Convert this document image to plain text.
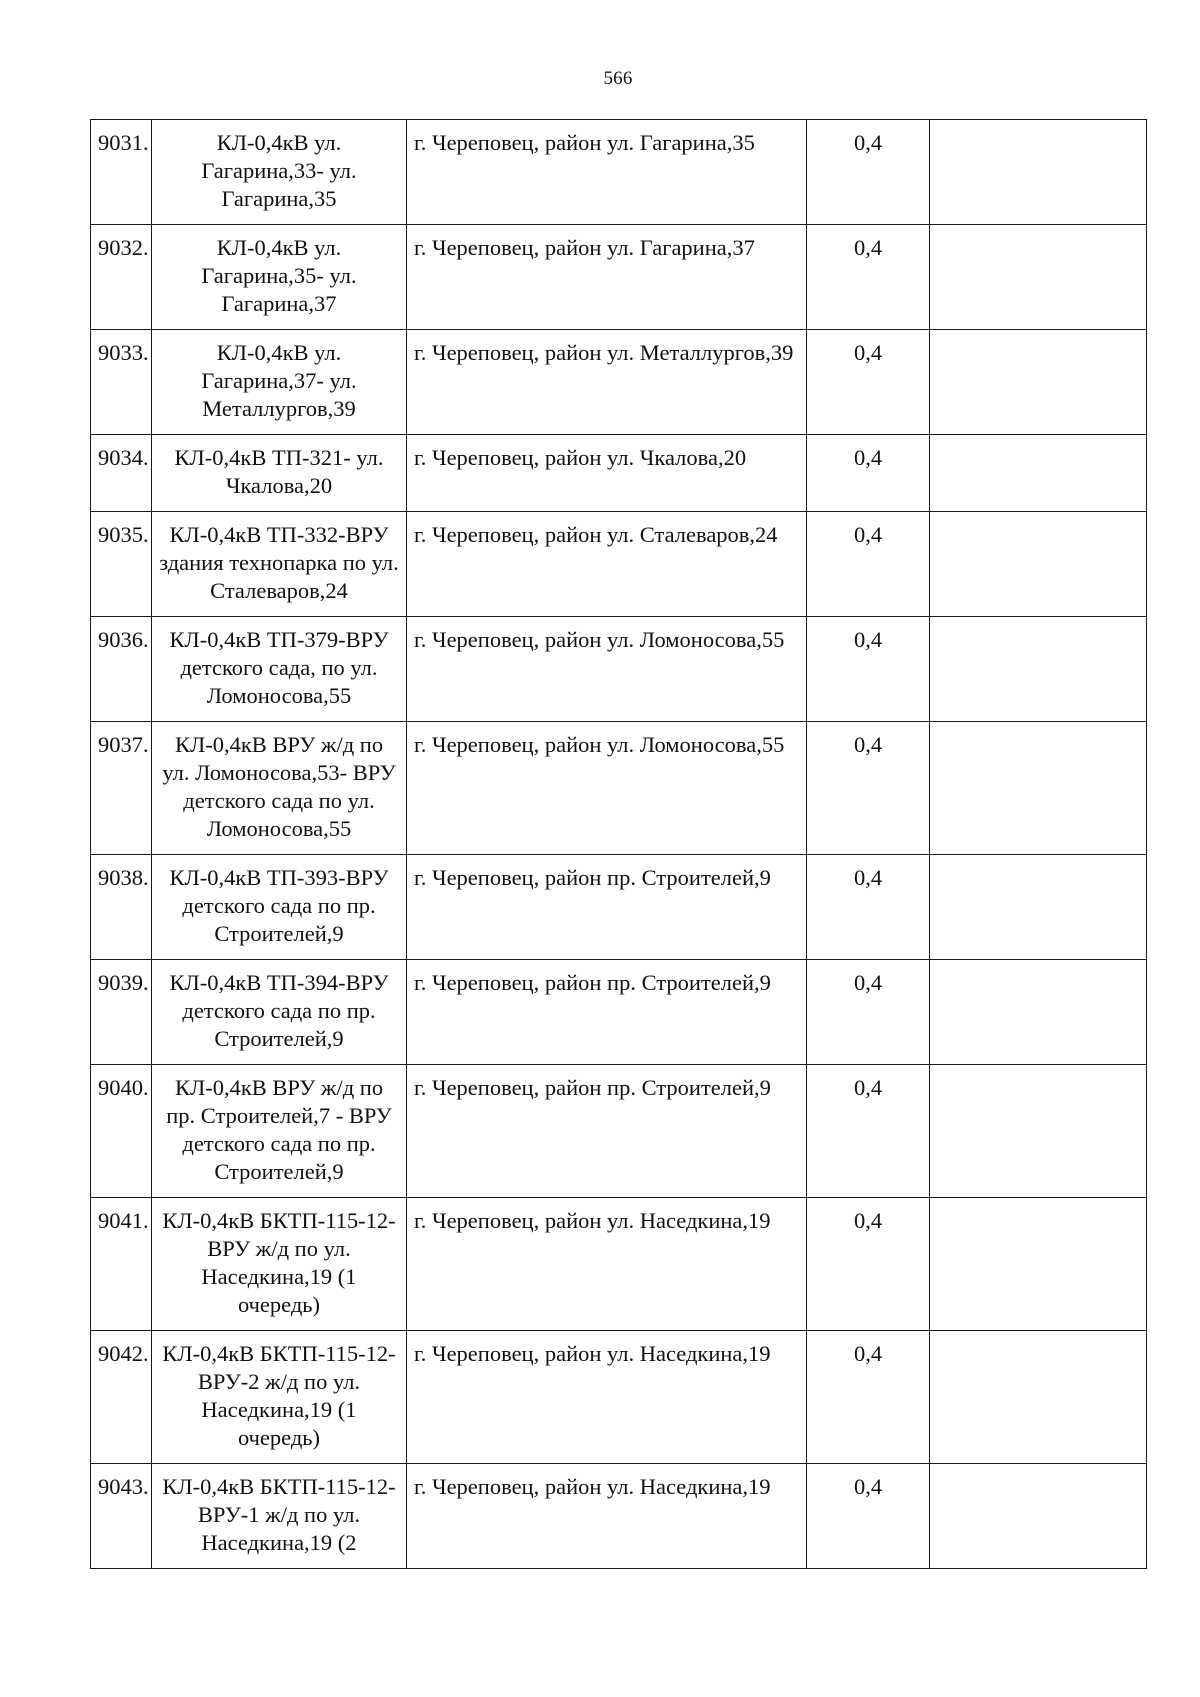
566
9031.	КЛ-0,4кВ ул. Гагарина,33- ул. Гагарина,35	г. Череповец, район ул. Гагарина,35	0,4	
9032.	КЛ-0,4кВ ул. Гагарина,35- ул. Гагарина,37	г. Череповец, район ул. Гагарина,37	0,4	
9033.	КЛ-0,4кВ ул. Гагарина,37- ул. Металлургов,39	г. Череповец, район ул. Металлургов,39	0,4	
9034.	КЛ-0,4кВ ТП-321- ул. Чкалова,20	г. Череповец, район ул. Чкалова,20	0,4	
9035.	КЛ-0,4кВ ТП-332-ВРУ здания технопарка по ул. Сталеваров,24	г. Череповец, район ул. Сталеваров,24	0,4	
9036.	КЛ-0,4кВ ТП-379-ВРУ детского сада, по ул. Ломоносова,55	г. Череповец, район ул. Ломоносова,55	0,4	
9037.	КЛ-0,4кВ ВРУ ж/д по ул. Ломоносова,53- ВРУ детского сада по ул. Ломоносова,55	г. Череповец, район ул. Ломоносова,55	0,4	
9038.	КЛ-0,4кВ ТП-393-ВРУ детского сада по пр. Строителей,9	г. Череповец, район пр. Строителей,9	0,4	
9039.	КЛ-0,4кВ ТП-394-ВРУ детского сада по пр. Строителей,9	г. Череповец, район пр. Строителей,9	0,4	
9040.	КЛ-0,4кВ ВРУ ж/д по пр. Строителей,7 - ВРУ детского сада по пр. Строителей,9	г. Череповец, район пр. Строителей,9	0,4	
9041.	КЛ-0,4кВ БКТП-115-12-ВРУ ж/д по ул. Наседкина,19 (1 очередь)	г. Череповец, район ул. Наседкина,19	0,4	
9042.	КЛ-0,4кВ БКТП-115-12-ВРУ-2 ж/д по ул. Наседкина,19 (1 очередь)	г. Череповец, район ул. Наседкина,19	0,4	
9043.	КЛ-0,4кВ БКТП-115-12-ВРУ-1 ж/д по ул. Наседкина,19 (2	г. Череповец, район ул. Наседкина,19	0,4	
